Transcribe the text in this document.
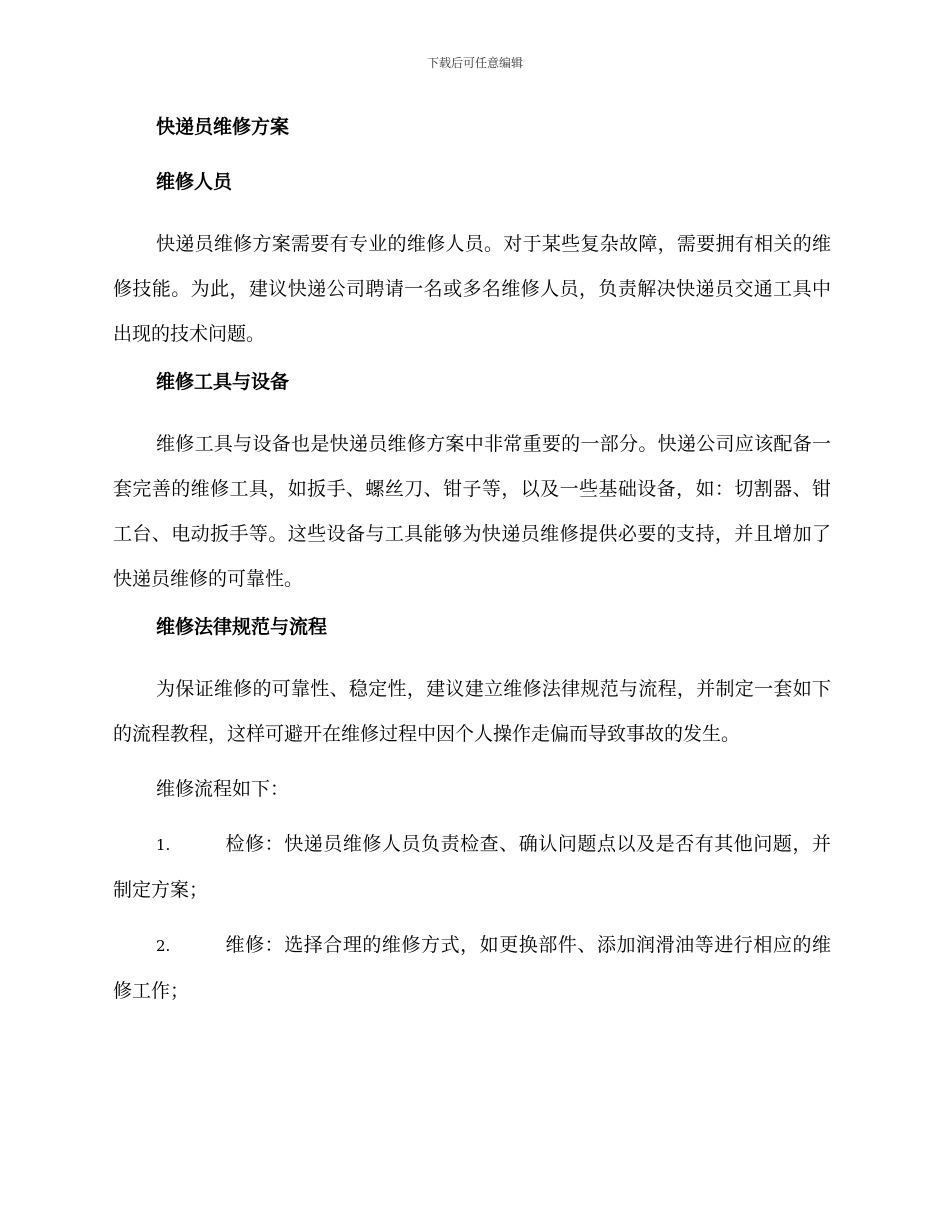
下载后可任意编辑
快递员维修方案
维修人员
快递员维修方案需要有专业的维修人员。对于某些复杂故障，需要拥有相关的维修技能。为此，建议快递公司聘请一名或多名维修人员，负责解决快递员交通工具中出现的技术问题。
维修工具与设备
维修工具与设备也是快递员维修方案中非常重要的一部分。快递公司应该配备一套完善的维修工具，如扳手、螺丝刀、钳子等，以及一些基础设备，如：切割器、钳工台、电动扳手等。这些设备与工具能够为快递员维修提供必要的支持，并且增加了快递员维修的可靠性。
维修法律规范与流程
为保证维修的可靠性、稳定性，建议建立维修法律规范与流程，并制定一套如下的流程教程，这样可避开在维修过程中因个人操作走偏而导致事故的发生。
维修流程如下：
1.	检修：快递员维修人员负责检查、确认问题点以及是否有其他问题，并制定方案；
2.	维修：选择合理的维修方式，如更换部件、添加润滑油等进行相应的维修工作；
